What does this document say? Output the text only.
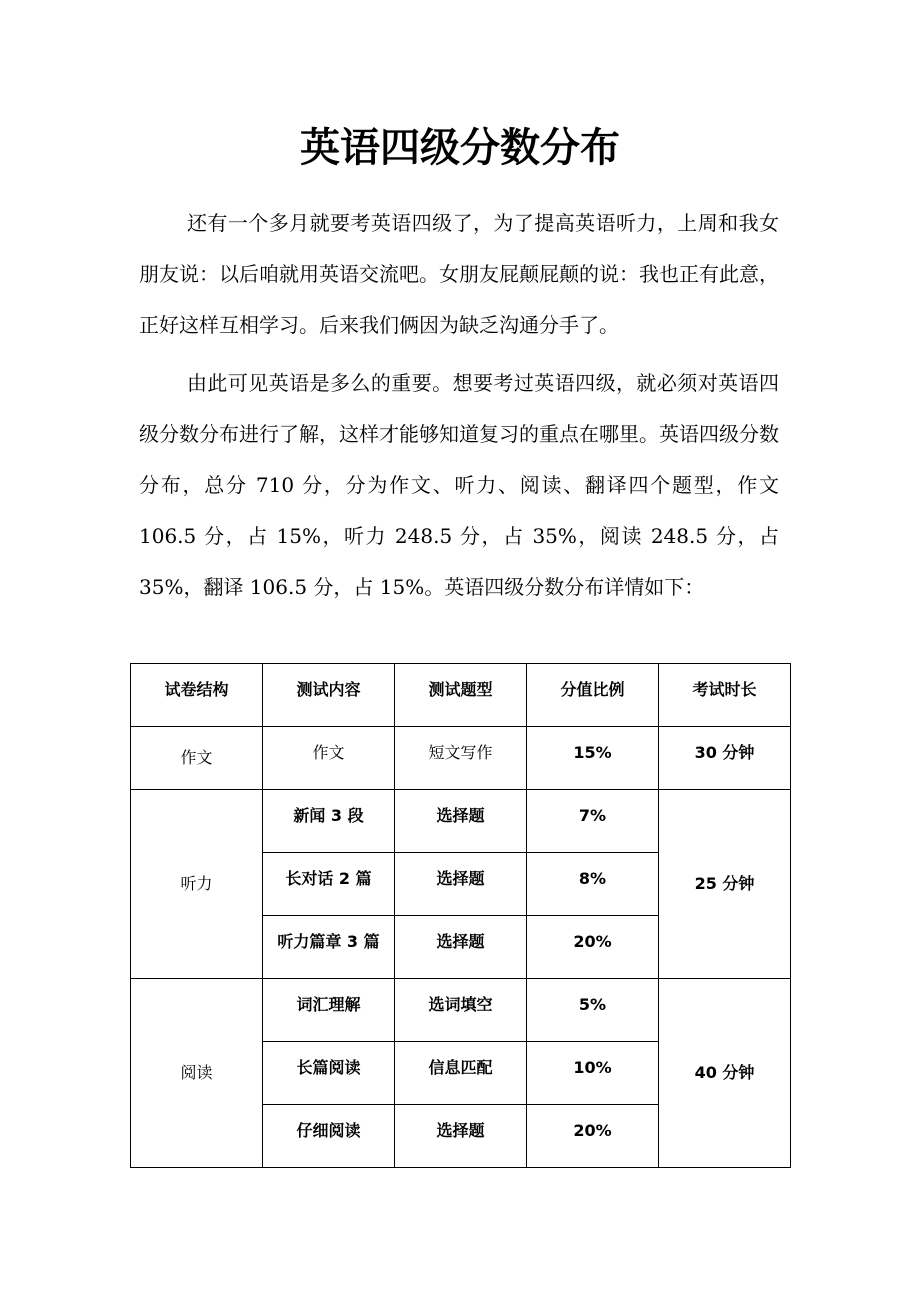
英语四级分数分布

还有一个多月就要考英语四级了，为了提高英语听力，上周和我女朋友说：以后咱就用英语交流吧。女朋友屁颠屁颠的说：我也正有此意，正好这样互相学习。后来我们俩因为缺乏沟通分手了。

由此可见英语是多么的重要。想要考过英语四级，就必须对英语四级分数分布进行了解，这样才能够知道复习的重点在哪里。英语四级分数分布，总分 710 分，分为作文、听力、阅读、翻译四个题型，作文 106.5 分，占 15%，听力 248.5 分，占 35%，阅读 248.5 分，占 35%，翻译 106.5 分，占 15%。英语四级分数分布详情如下：

试卷结构	测试内容	测试题型	分值比例	考试时长
作文	作文	短文写作	15%	30 分钟
听力	新闻 3 段	选择题	7%	25 分钟
	长对话 2 篇	选择题	8%	
	听力篇章 3 篇	选择题	20%	
阅读	词汇理解	选词填空	5%	40 分钟
	长篇阅读	信息匹配	10%	
	仔细阅读	选择题	20%	
